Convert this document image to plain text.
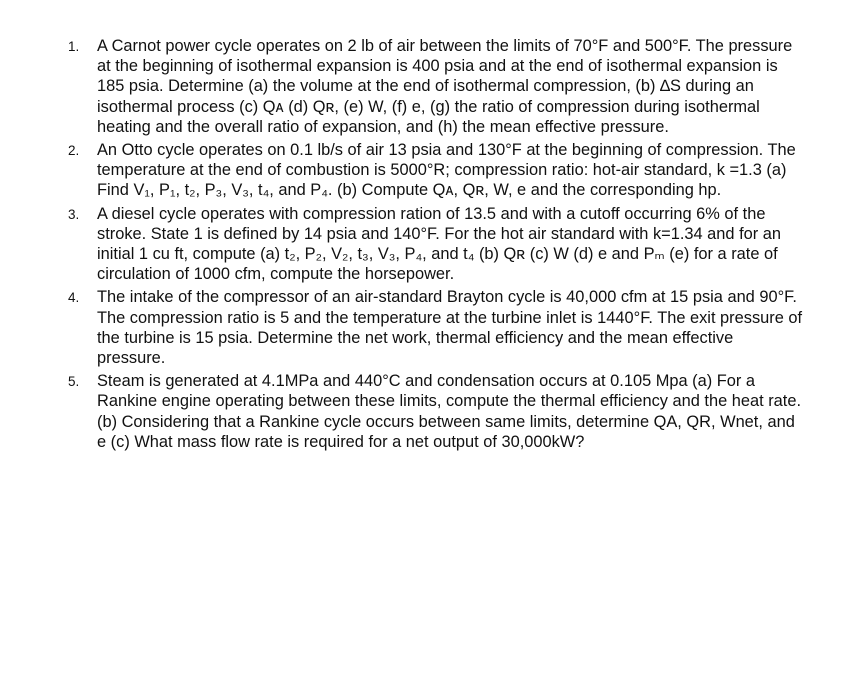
1. A Carnot power cycle operates on 2 lb of air between the limits of 70°F and 500°F. The pressure at the beginning of isothermal expansion is 400 psia and at the end of isothermal expansion is 185 psia. Determine (a) the volume at the end of isothermal compression, (b) ∆S during an isothermal process (c) Qᴀ (d) Qʀ, (e) W, (f) e, (g) the ratio of compression during isothermal heating and the overall ratio of expansion, and (h) the mean effective pressure.
2. An Otto cycle operates on 0.1 lb/s of air 13 psia and 130°F at the beginning of compression. The temperature at the end of combustion is 5000°R; compression ratio: hot-air standard, k =1.3 (a) Find V₁, P₁, t₂, P₃, V₃, t₄, and P₄. (b) Compute Qᴀ, Qʀ, W, e and the corresponding hp.
3. A diesel cycle operates with compression ration of 13.5 and with a cutoff occurring 6% of the stroke. State 1 is defined by 14 psia and 140°F. For the hot air standard with k=1.34 and for an initial 1 cu ft, compute (a) t₂, P₂, V₂, t₃, V₃, P₄, and t₄ (b) Qʀ (c) W (d) e and Pₘ (e) for a rate of circulation of 1000 cfm, compute the horsepower.
4. The intake of the compressor of an air-standard Brayton cycle is 40,000 cfm at 15 psia and 90°F. The compression ratio is 5 and the temperature at the turbine inlet is 1440°F. The exit pressure of the turbine is 15 psia. Determine the net work, thermal efficiency and the mean effective pressure.
5. Steam is generated at 4.1MPa and 440°C and condensation occurs at 0.105 Mpa (a) For a Rankine engine operating between these limits, compute the thermal efficiency and the heat rate. (b) Considering that a Rankine cycle occurs between same limits, determine QA, QR, Wnet, and e (c) What mass flow rate is required for a net output of 30,000kW?
